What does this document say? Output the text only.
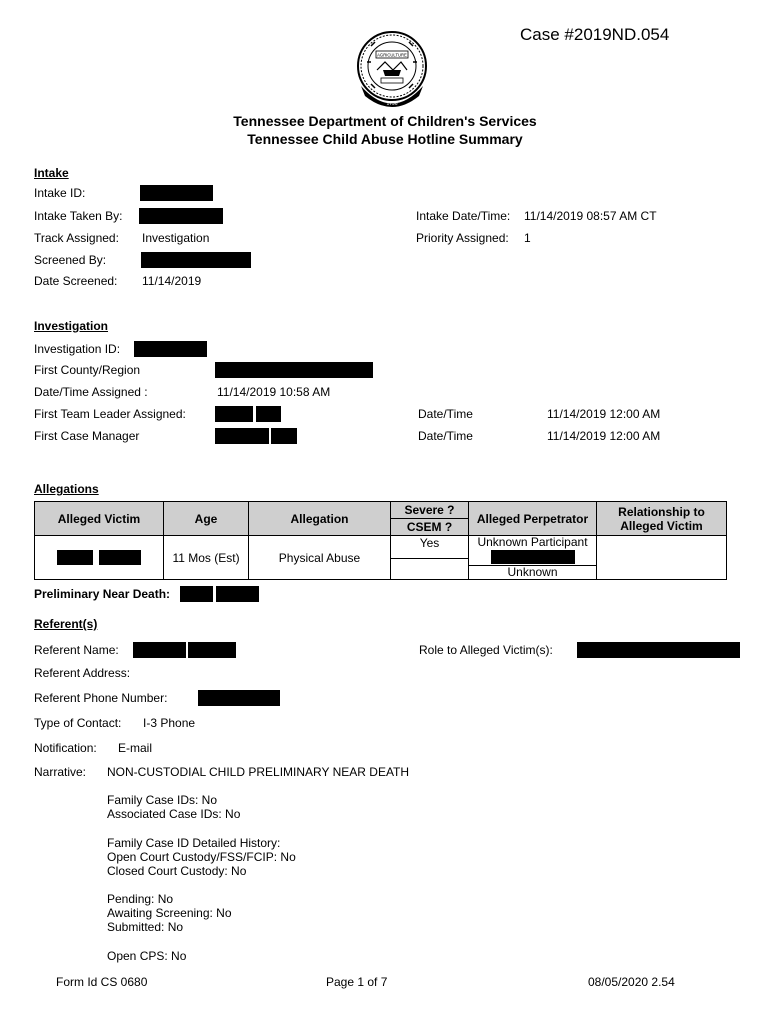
Case #2019ND.054
AGRICULTURE
1796
Tennessee Department of Children's Services
Tennessee Child Abuse Hotline Summary
Intake
Intake ID:
Intake Taken By:	Intake Date/Time: 11/14/2019 08:57 AM CT
Track Assigned: Investigation	Priority Assigned: 1
Screened By:
Date Screened: 11/14/2019
Investigation
Investigation ID:
First County/Region
Date/Time Assigned :	11/14/2019 10:58 AM
First Team Leader Assigned:	Date/Time	11/14/2019 12:00 AM
First Case Manager	Date/Time	11/14/2019 12:00 AM
Allegations
Alleged Victim	Age	Allegation	Severe ?	Alleged Perpetrator	Relationship to Alleged Victim
			CSEM ?		
	11 Mos (Est)	Physical Abuse	Yes	Unknown Participant
Unknown	

Preliminary Near Death:
Referent(s)
Referent Name:	Role to Alleged Victim(s):
Referent Address:
Referent Phone Number:
Type of Contact: I-3 Phone
Notification: E-mail
Narrative: NON-CUSTODIAL CHILD PRELIMINARY NEAR DEATH
Family Case IDs: No
Associated Case IDs: No
Family Case ID Detailed History:
Open Court Custody/FSS/FCIP: No
Closed Court Custody: No
Pending: No
Awaiting Screening: No
Submitted: No
Open CPS: No
Form Id CS 0680	Page 1 of 7	08/05/2020 2.54
